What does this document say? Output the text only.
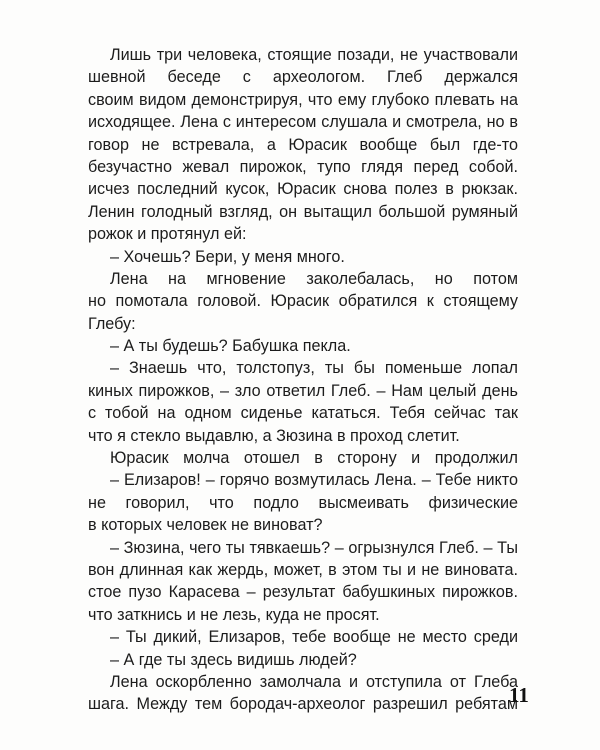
Лишь три человека, стоящие позади, не участвовали
шевной беседе с археологом. Глеб держался
своим видом демонстрируя, что ему глубоко плевать на
исходящее. Лена с интересом слушала и смотрела, но в
говор не встревала, а Юрасик вообще был где-то
безучастно жевал пирожок, тупо глядя перед собой.
исчез последний кусок, Юрасик снова полез в рюкзак.
Ленин голодный взгляд, он вытащил большой румяный
рожок и протянул ей:
– Хочешь? Бери, у меня много.
Лена на мгновение заколебалась, но потом
но помотала головой. Юрасик обратился к стоящему
Глебу:
– А ты будешь? Бабушка пекла.
– Знаешь что, толстопуз, ты бы поменьше лопал
киных пирожков, – зло ответил Глеб. – Нам целый день
с тобой на одном сиденье кататься. Тебя сейчас так
что я стекло выдавлю, а Зюзина в проход слетит.
Юрасик молча отошел в сторону и продолжил
– Елизаров! – горячо возмутилась Лена. – Тебе никто
не говорил, что подло высмеивать физические
в которых человек не виноват?
– Зюзина, чего ты тявкаешь? – огрызнулся Глеб. – Ты
вон длинная как жердь, может, в этом ты и не виновата.
стое пузо Карасева – результат бабушкиных пирожков.
что заткнись и не лезь, куда не просят.
– Ты дикий, Елизаров, тебе вообще не место среди
– А где ты здесь видишь людей?
Лена оскорбленно замолчала и отступила от Глеба
шага. Между тем бородач-археолог разрешил ребятам
11
